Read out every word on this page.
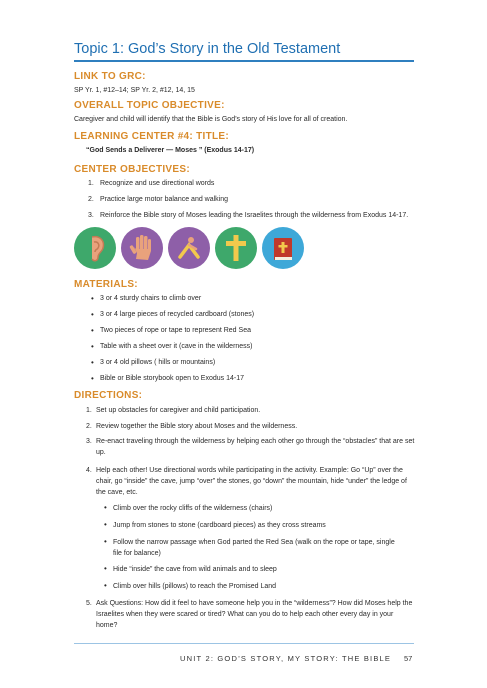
Topic 1: God’s Story in the Old Testament
LINK TO GRC:
SP Yr. 1, #12–14; SP Yr. 2, #12, 14, 15
OVERALL TOPIC OBJECTIVE:
Caregiver and child will identify that the Bible is God’s story of His love for all of creation.
LEARNING CENTER #4: TITLE:
“God Sends a Deliverer — Moses ” (Exodus 14-17)
CENTER OBJECTIVES:
1. Recognize and use directional words
2. Practice large motor balance and walking
3. Reinforce the Bible story of Moses leading the Israelites through the wilderness from Exodus 14-17.
MATERIALS:
• 3 or 4 sturdy chairs to climb over
• 3 or 4 large pieces of recycled cardboard (stones)
• Two pieces of rope or tape to represent Red Sea
• Table with a sheet over it (cave in the wilderness)
• 3 or 4 old pillows ( hills or mountains)
• Bible or Bible storybook open to Exodus 14-17
DIRECTIONS:
1. Set up obstacles for caregiver and child participation.
2. Review together the Bible story about Moses and the wilderness.
3. Re-enact traveling through the wilderness by helping each other go through the “obstacles” that are set up.
4. Help each other! Use directional words while participating in the activity. Example: Go “Up” over the chair, go “inside” the cave, jump “over” the stones, go “down” the mountain, hide “under” the ledge of the cave, etc.
• Climb over the rocky cliffs of the wilderness (chairs)
• Jump from stones to stone (cardboard pieces) as they cross streams
• Follow the narrow passage when God parted the Red Sea (walk on the rope or tape, single file for balance)
• Hide “inside” the cave from wild animals and to sleep
• Climb over hills (pillows) to reach the Promised Land
5. Ask Questions: How did it feel to have someone help you in the “wilderness”? How did Moses help the Israelites when they were scared or tired? What can you do to help each other every day in your home?
UNIT 2: GOD’S STORY, MY STORY: THE BIBLE	57
